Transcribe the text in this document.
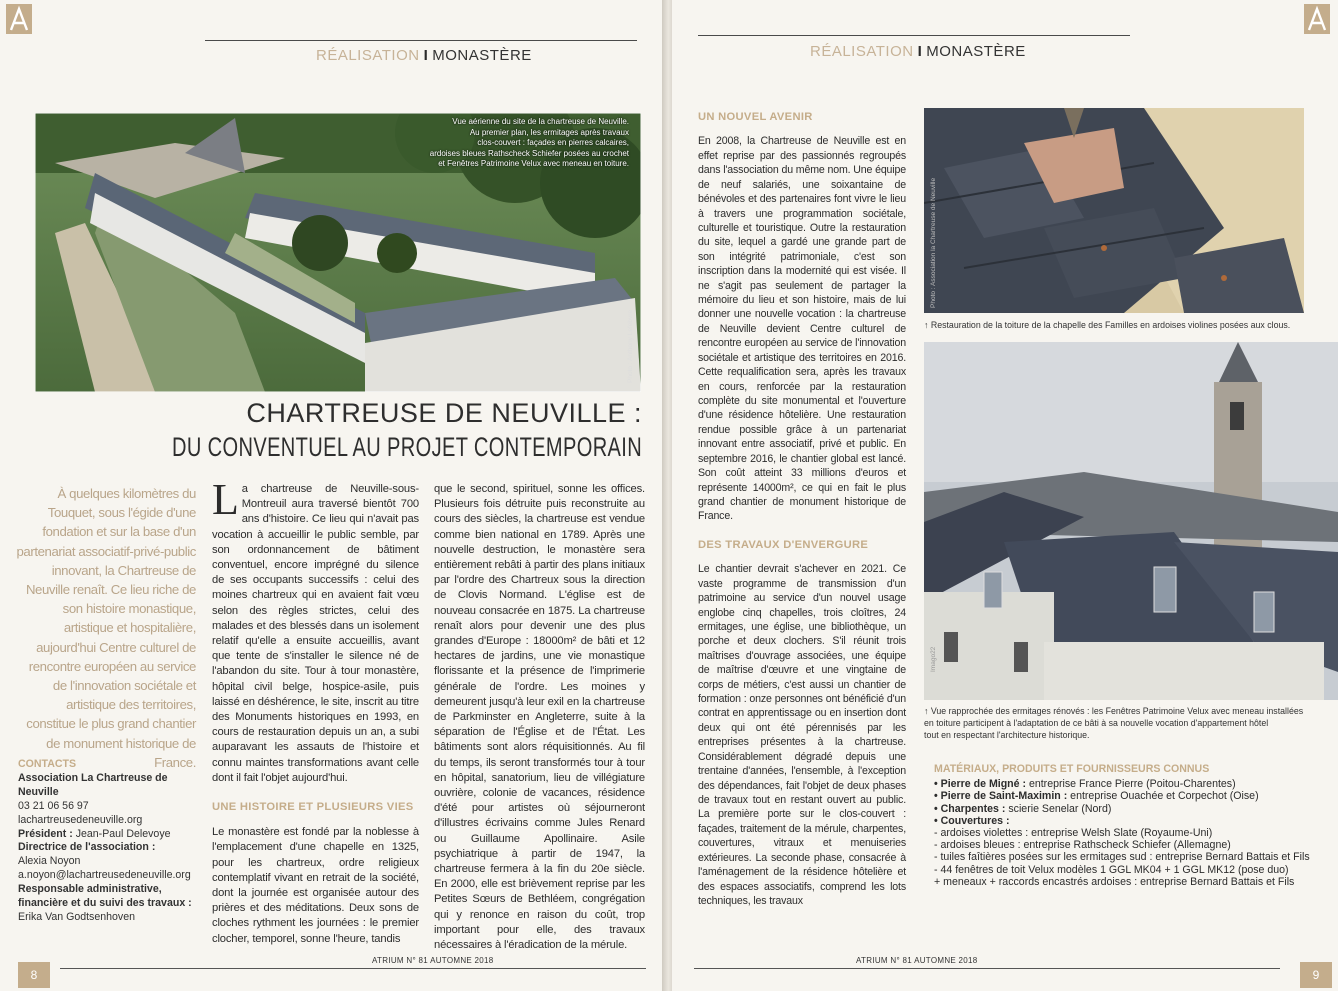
RÉALISATION I MONASTÈRE
Vue aérienne du site de la chartreuse de Neuville.
Au premier plan, les ermitages après travaux
clos-couvert : façades en pierres calcaires,
ardoises bleues Rathscheck Schiefer posées au crochet
et Fenêtres Patrimoine Velux avec meneau en toiture.
Photo : Anthony Lefebvre
CHARTREUSE DE NEUVILLE :
DU CONVENTUEL AU PROJET CONTEMPORAIN
À quelques kilomètres du Touquet, sous l'égide d'une fondation et sur la base d'un partenariat associatif-privé-public innovant, la Chartreuse de Neuville renaît. Ce lieu riche de son histoire monastique, artistique et hospitalière, aujourd'hui Centre culturel de rencontre européen au service de l'innovation sociétale et artistique des territoires, constitue le plus grand chantier de monument historique de France.

La chartreuse de Neuville-sous-Montreuil aura traversé bientôt 700 ans d'histoire. Ce lieu qui n'avait pas vocation à accueillir le public semble, par son ordonnancement de bâtiment conventuel, encore imprégné du silence de ses occupants successifs : celui des moines chartreux qui en avaient fait vœu selon des règles strictes, celui des malades et des blessés dans un isolement relatif qu'elle a ensuite accueillis, avant que tente de s'installer le silence né de l'abandon du site. Tour à tour monastère, hôpital civil belge, hospice-asile, puis laissé en déshérence, le site, inscrit au titre des Monuments historiques en 1993, en cours de restauration depuis un an, a subi auparavant les assauts de l'histoire et connu maintes transformations avant celle dont il fait l'objet aujourd'hui.

UNE HISTOIRE ET PLUSIEURS VIES

Le monastère est fondé par la noblesse à l'emplacement d'une chapelle en 1325, pour les chartreux, ordre religieux contemplatif vivant en retrait de la société, dont la journée est organisée autour des prières et des méditations. Deux sons de cloches rythment les journées : le premier clocher, temporel, sonne l'heure, tandis

que le second, spirituel, sonne les offices. Plusieurs fois détruite puis reconstruite au cours des siècles, la chartreuse est vendue comme bien national en 1789. Après une nouvelle destruction, le monastère sera entièrement rebâti à partir des plans initiaux par l'ordre des Chartreux sous la direction de Clovis Normand. L'église est de nouveau consacrée en 1875. La chartreuse renaît alors pour devenir une des plus grandes d'Europe : 18000m² de bâti et 12 hectares de jardins, une vie monastique florissante et la présence de l'imprimerie générale de l'ordre. Les moines y demeurent jusqu'à leur exil en la chartreuse de Parkminster en Angleterre, suite à la séparation de l'Église et de l'État. Les bâtiments sont alors réquisitionnés. Au fil du temps, ils seront transformés tour à tour en hôpital, sanatorium, lieu de villégiature ouvrière, colonie de vacances, résidence d'été pour artistes où séjourneront d'illustres écrivains comme Jules Renard ou Guillaume Apollinaire. Asile psychiatrique à partir de 1947, la chartreuse fermera à la fin du 20e siècle. En 2000, elle est brièvement reprise par les Petites Sœurs de Bethléem, congrégation qui y renonce en raison du coût, trop important pour elle, des travaux nécessaires à l'éradication de la mérule.

CONTACTS
Association La Chartreuse de Neuville
03 21 06 56 97
lachartreusedeneuville.org
Président : Jean-Paul Delevoye
Directrice de l'association :
Alexia Noyon
a.noyon@lachartreusedeneuville.org
Responsable administrative, financière et du suivi des travaux :
Erika Van Godtsenhoven
ATRIUM N° 81 AUTOMNE 2018
8
RÉALISATION I MONASTÈRE
UN NOUVEL AVENIR

En 2008, la Chartreuse de Neuville est en effet reprise par des passionnés regroupés dans l'association du même nom. Une équipe de neuf salariés, une soixantaine de bénévoles et des partenaires font vivre le lieu à travers une programmation sociétale, culturelle et touristique. Outre la restauration du site, lequel a gardé une grande part de son intégrité patrimoniale, c'est son inscription dans la modernité qui est visée. Il ne s'agit pas seulement de partager la mémoire du lieu et son histoire, mais de lui donner une nouvelle vocation : la chartreuse de Neuville devient Centre culturel de rencontre européen au service de l'innovation sociétale et artistique des territoires en 2016. Cette requalification sera, après les travaux en cours, renforcée par la restauration complète du site monumental et l'ouverture d'une résidence hôtelière. Une restauration rendue possible grâce à un partenariat innovant entre associatif, privé et public. En septembre 2016, le chantier global est lancé. Son coût atteint 33 millions d'euros et représente 14000m², ce qui en fait le plus grand chantier de monument historique de France.

DES TRAVAUX D'ENVERGURE

Le chantier devrait s'achever en 2021. Ce vaste programme de transmission d'un patrimoine au service d'un nouvel usage englobe cinq chapelles, trois cloîtres, 24 ermitages, une église, une bibliothèque, un porche et deux clochers. S'il réunit trois maîtrises d'ouvrage associées, une équipe de maîtrise d'œuvre et une vingtaine de corps de métiers, c'est aussi un chantier de formation : onze personnes ont bénéficié d'un contrat en apprentissage ou en insertion dont deux qui ont été pérennisés par les entreprises présentes à la chartreuse. Considérablement dégradé depuis une trentaine d'années, l'ensemble, à l'exception des dépendances, fait l'objet de deux phases de travaux tout en restant ouvert au public. La première porte sur le clos-couvert : façades, traitement de la mérule, charpentes, couvertures, vitraux et menuiseries extérieures. La seconde phase, consacrée à l'aménagement de la résidence hôtelière et des espaces associatifs, comprend les lots techniques, les travaux

Photo : Association la Chartreuse de Neuville
↑ Restauration de la toiture de la chapelle des Familles en ardoises violines posées aux clous.
Imago22
↑ Vue rapprochée des ermitages rénovés : les Fenêtres Patrimoine Velux avec meneau installées
en toiture participent à l'adaptation de ce bâti à sa nouvelle vocation d'appartement hôtel
tout en respectant l'architecture historique.
MATÉRIAUX, PRODUITS ET FOURNISSEURS CONNUS
• Pierre de Migné : entreprise France Pierre (Poitou-Charentes)
• Pierre de Saint-Maximin : entreprise Ouachée et Corpechot (Oise)
• Charpentes : scierie Senelar (Nord)
• Couvertures :
- ardoises violettes : entreprise Welsh Slate (Royaume-Uni)
- ardoises bleues : entreprise Rathscheck Schiefer (Allemagne)
- tuiles faîtières posées sur les ermitages sud : entreprise Bernard Battais et Fils
- 44 fenêtres de toit Velux modèles 1 GGL MK04 + 1 GGL MK12 (pose duo)
+ meneaux + raccords encastrés ardoises : entreprise Bernard Battais et Fils
ATRIUM N° 81 AUTOMNE 2018
9
